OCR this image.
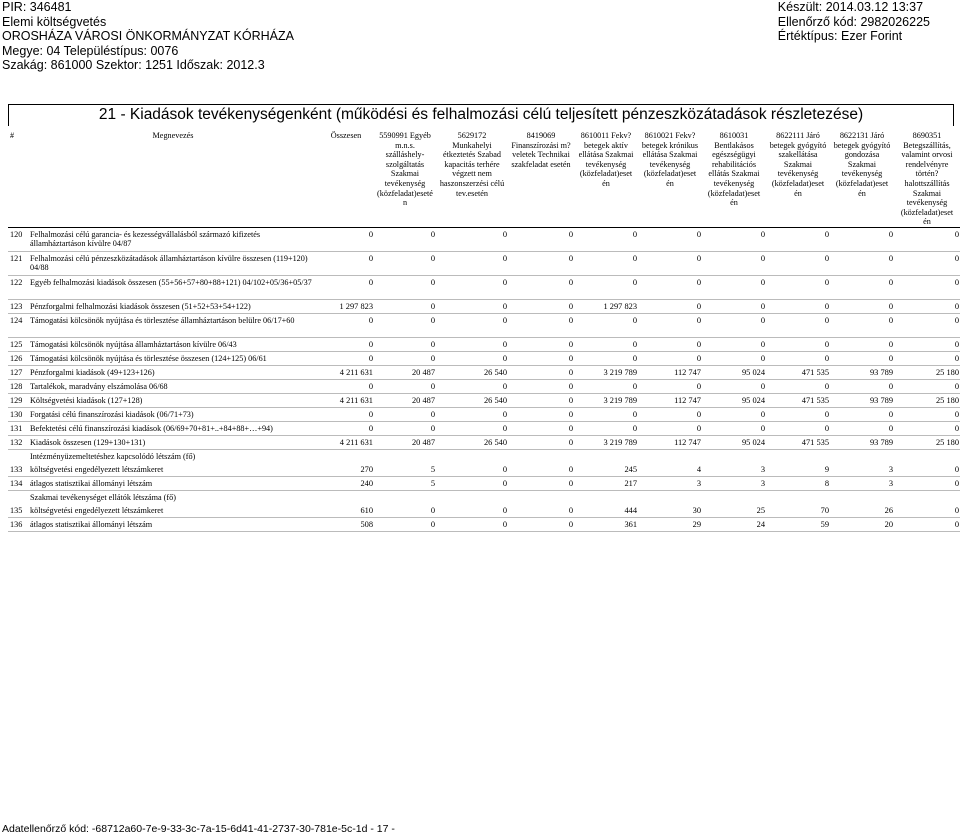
PIR: 346481
Elemi költségvetés
OROSHÁZA VÁROSI ÖNKORMÁNYZAT KÓRHÁZA
Megye: 04 Településtípus: 0076
Szakág: 861000 Szektor: 1251 Időszak: 2012.3
Készült: 2014.03.12 13:37
Ellenőrző kód: 2982026225
Értéktípus: Ezer Forint
21 - Kiadások tevékenységenként (működési és felhalmozási célú teljesített pénzeszközátadások részletezése)
#	Megnevezés	Összesen	5590991 Egyéb m.n.s. szálláshely-szolgáltatás Szakmai tevékenység (közfeladat)eseté n	5629172 Munkahelyi étkeztetés Szabad kapacitás terhére végzett nem haszonszerzési célú tev.esetén	8419069 Finanszírozási m?veletek Technikai szakfeladat esetén	8610011 Fekv?betegek aktív ellátása Szakmai tevékenység (közfeladat)eset én	8610021 Fekv?betegek krónikus ellátása Szakmai tevékenység (közfeladat)eset én	8610031 Bentlakásos egészségügyi rehabilitációs ellátás Szakmai tevékenység (közfeladat)eset én	8622111 Járó betegek gyógyító szakellátása Szakmai tevékenység (közfeladat)eset én	8622131 Járó betegek gyógyító gondozása Szakmai tevékenység (közfeladat)eset én	8690351 Betegszállítás, valamint orvosi rendelvényre történ? halottszállítás Szakmai tevékenység (közfeladat)eset én
120	Felhalmozási célú garancia- és kezességvállalásból származó kifizetés államháztartáson kívülre 04/87	0	0	0	0	0	0	0	0	0	0
121	Felhalmozási célú pénzeszközátadások államháztartáson kívülre összesen (119+120) 04/88	0	0	0	0	0	0	0	0	0	0
122	Egyéb felhalmozási kiadások összesen (55+56+57+80+88+121) 04/102+05/36+05/37	0	0	0	0	0	0	0	0	0	0
123	Pénzforgalmi felhalmozási kiadások összesen (51+52+53+54+122)	1 297 823	0	0	0	1 297 823	0	0	0	0	0
124	Támogatási kölcsönök nyújtása és törlesztése államháztartáson belülre 06/17+60	0	0	0	0	0	0	0	0	0	0
125	Támogatási kölcsönök nyújtása államháztartáson kívülre 06/43	0	0	0	0	0	0	0	0	0	0
126	Támogatási kölcsönök nyújtása és törlesztése összesen (124+125) 06/61	0	0	0	0	0	0	0	0	0	0
127	Pénzforgalmi kiadások (49+123+126)	4 211 631	20 487	26 540	0	3 219 789	112 747	95 024	471 535	93 789	25 180
128	Tartalékok, maradvány elszámolása 06/68	0	0	0	0	0	0	0	0	0	0
129	Költségvetési kiadások (127+128)	4 211 631	20 487	26 540	0	3 219 789	112 747	95 024	471 535	93 789	25 180
130	Forgatási célú finanszírozási kiadások (06/71+73)	0	0	0	0	0	0	0	0	0	0
131	Befektetési célú finanszírozási kiadások (06/69+70+81+..+84+88+…+94)	0	0	0	0	0	0	0	0	0	0
132	Kiadások összesen (129+130+131)	4 211 631	20 487	26 540	0	3 219 789	112 747	95 024	471 535	93 789	25 180
	Intézményüzemeltetéshez kapcsolódó létszám (fő)										
133	költségvetési engedélyezett létszámkeret	270	5	0	0	245	4	3	9	3	0
134	átlagos statisztikai állományi létszám	240	5	0	0	217	3	3	8	3	0
	Szakmai tevékenységet ellátók létszáma (fő)										
135	költségvetési engedélyezett létszámkeret	610	0	0	0	444	30	25	70	26	0
136	átlagos statisztikai állományi létszám	508	0	0	0	361	29	24	59	20	0
Adatellenőrző kód: -68712a60-7e-9-33-3c-7a-15-6d41-41-2737-30-781e-5c-1d - 17 -
